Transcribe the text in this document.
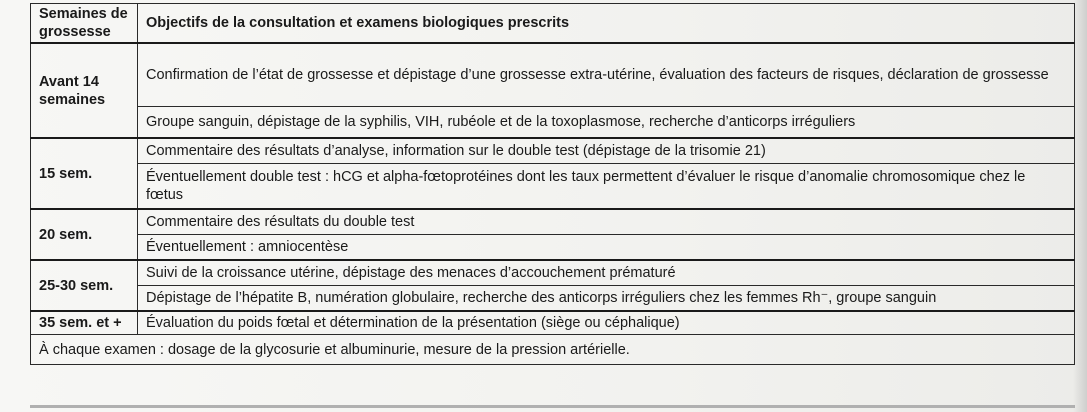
Semaines de grossesse	Objectifs de la consultation et examens biologiques prescrits
Avant 14 semaines	Confirmation de l’état de grossesse et dépistage d’une grossesse extra-utérine, évaluation des facteurs de risques, déclaration de grossesse
	Groupe sanguin, dépistage de la syphilis, VIH, rubéole et de la toxoplasmose, recherche d’anticorps irréguliers
15 sem.	Commentaire des résultats d’analyse, information sur le double test (dépistage de la trisomie 21)
	Éventuellement double test : hCG et alpha-fœtoprotéines dont les taux permettent d’évaluer le risque d’anomalie chromosomique chez le fœtus
20 sem.	Commentaire des résultats du double test
	Éventuellement : amniocentèse
25-30 sem.	Suivi de la croissance utérine, dépistage des menaces d’accouchement prématuré
	Dépistage de l’hépatite B, numération globulaire, recherche des anticorps irréguliers chez les femmes Rh⁻, groupe sanguin
35 sem. et +	Évaluation du poids fœtal et détermination de la présentation (siège ou céphalique)
À chaque examen : dosage de la glycosurie et albuminurie, mesure de la pression artérielle.	
